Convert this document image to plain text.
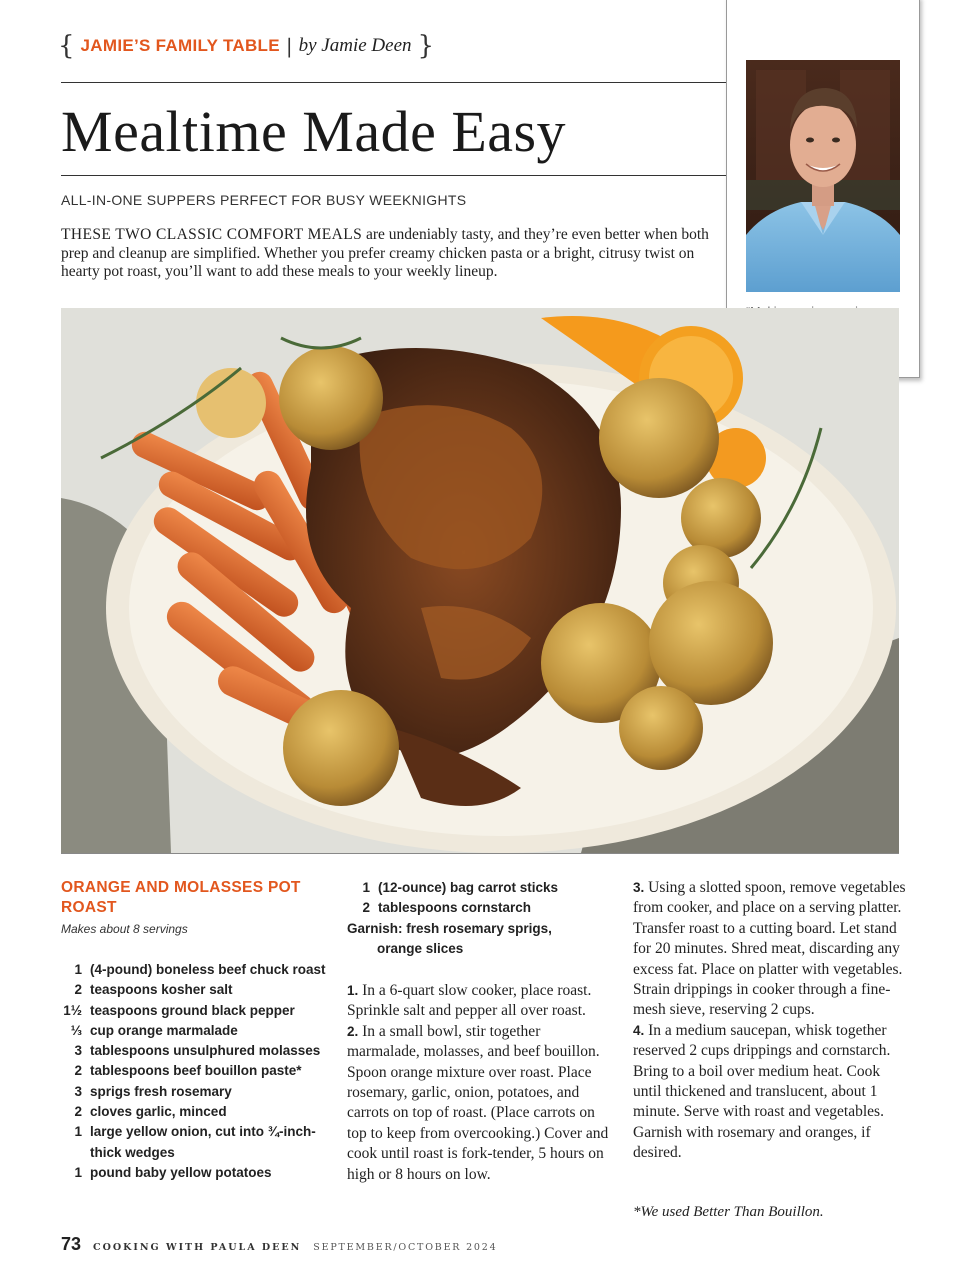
{ JAMIE’S FAMILY TABLE | by Jamie Deen }
Mealtime Made Easy
ALL-IN-ONE SUPPERS PERFECT FOR BUSY WEEKNIGHTS
THESE TWO CLASSIC COMFORT MEALS are undeniably tasty, and they’re even better when both prep and cleanup are simplified. Whether you prefer creamy chicken pasta or a bright, citrusy twist on hearty pot roast, you’ll want to add these meals to your weekly lineup.
ORANGE AND MOLASSES POT ROAST
Makes about 8 servings
1 (4-pound) boneless beef chuck roast
2 teaspoons kosher salt
1½ teaspoons ground black pepper
⅓ cup orange marmalade
3 tablespoons unsulphured molasses
2 tablespoons beef bouillon paste*
3 sprigs fresh rosemary
2 cloves garlic, minced
1 large yellow onion, cut into ¾-inch-thick wedges
1 pound baby yellow potatoes
1 (12-ounce) bag carrot sticks
2 tablespoons cornstarch
Garnish: fresh rosemary sprigs,
orange slices
1. In a 6-quart slow cooker, place roast. Sprinkle salt and pepper all over roast.
2. In a small bowl, stir together marmalade, molasses, and beef bouillon. Spoon orange mixture over roast. Place rosemary, garlic, onion, potatoes, and carrots on top of roast. (Place carrots on top to keep from overcooking.) Cover and cook until roast is fork-tender, 5 hours on high or 8 hours on low.
3. Using a slotted spoon, remove vegetables from cooker, and place on a serving platter. Transfer roast to a cutting board. Let stand for 20 minutes. Shred meat, discarding any excess fat. Place on platter with vegetables. Strain drippings in cooker through a fine-mesh sieve, reserving 2 cups.
4. In a medium saucepan, whisk together reserved 2 cups drippings and cornstarch. Bring to a boil over medium heat. Cook until thickened and translucent, about 1 minute. Serve with roast and vegetables. Garnish with rosemary and oranges, if desired.
*We used Better Than Bouillon.
73 COOKING WITH PAULA DEEN SEPTEMBER/OCTOBER 2024
